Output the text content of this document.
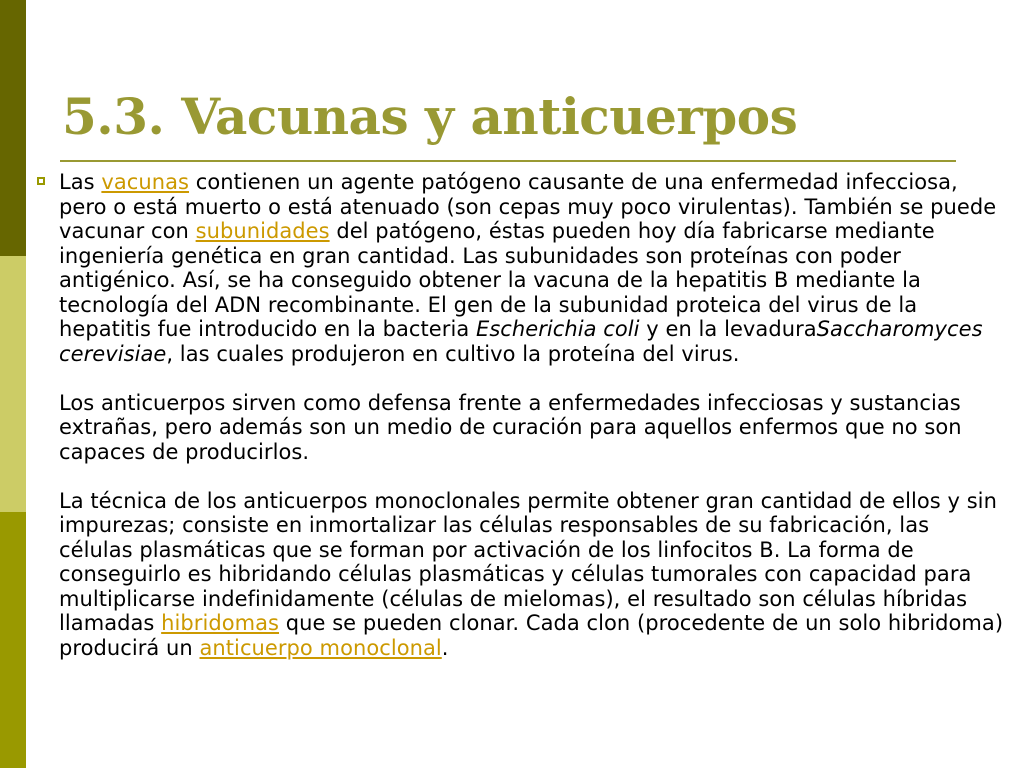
5.3. Vacunas y anticuerpos

Las vacunas contienen un agente patógeno causante de una enfermedad infecciosa, pero o está muerto o está atenuado (son cepas muy poco virulentas). También se puede vacunar con subunidades del patógeno, éstas pueden hoy día fabricarse mediante ingeniería genética en gran cantidad. Las subunidades son proteínas con poder antigénico. Así, se ha conseguido obtener la vacuna de la hepatitis B mediante la tecnología del ADN recombinante. El gen de la subunidad proteica del virus de la hepatitis fue introducido en la bacteria Escherichia coli y en la levaduraSaccharomyces cerevisiae, las cuales produjeron en cultivo la proteína del virus.

Los anticuerpos sirven como defensa frente a enfermedades infecciosas y sustancias extrañas, pero además son un medio de curación para aquellos enfermos que no son capaces de producirlos.

La técnica de los anticuerpos monoclonales permite obtener gran cantidad de ellos y sin impurezas; consiste en inmortalizar las células responsables de su fabricación, las células plasmáticas que se forman por activación de los linfocitos B. La forma de conseguirlo es hibridando células plasmáticas y células tumorales con capacidad para multiplicarse indefinidamente (células de mielomas), el resultado son células híbridas llamadas hibridomas que se pueden clonar. Cada clon (procedente de un solo hibridoma) producirá un anticuerpo monoclonal.
